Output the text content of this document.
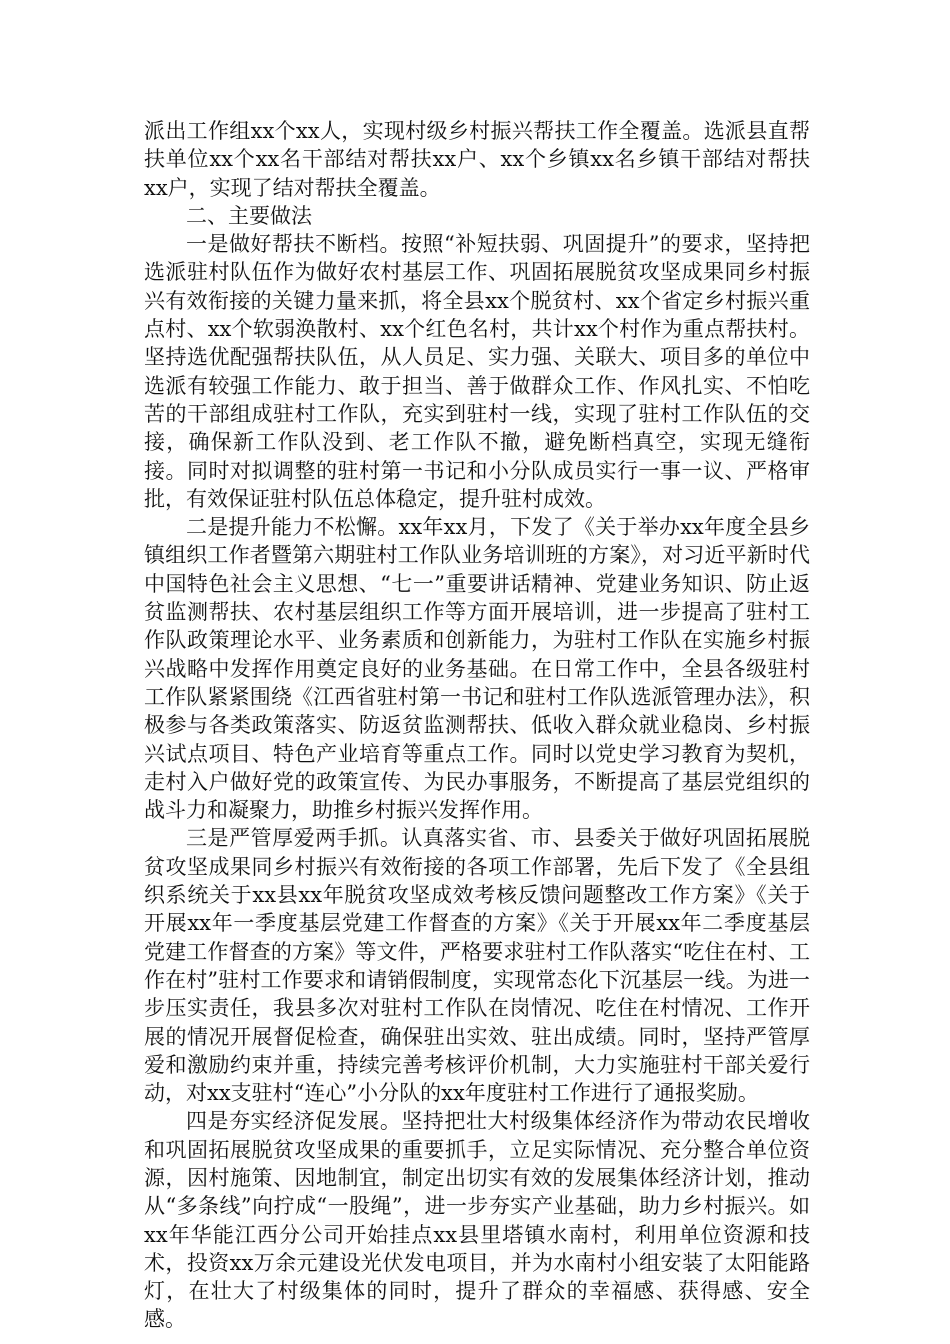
派出工作组xx个xx人，实现村级乡村振兴帮扶工作全覆盖。选派县直帮扶单位xx个xx名干部结对帮扶xx户、xx个乡镇xx名乡镇干部结对帮扶xx户，实现了结对帮扶全覆盖。

二、主要做法

一是做好帮扶不断档。按照“补短扶弱、巩固提升”的要求，坚持把选派驻村队伍作为做好农村基层工作、巩固拓展脱贫攻坚成果同乡村振兴有效衔接的关键力量来抓，将全县xx个脱贫村、xx个省定乡村振兴重点村、xx个软弱涣散村、xx个红色名村，共计xx个村作为重点帮扶村。坚持选优配强帮扶队伍，从人员足、实力强、关联大、项目多的单位中选派有较强工作能力、敢于担当、善于做群众工作、作风扎实、不怕吃苦的干部组成驻村工作队，充实到驻村一线，实现了驻村工作队伍的交接，确保新工作队没到、老工作队不撤，避免断档真空，实现无缝衔接。同时对拟调整的驻村第一书记和小分队成员实行一事一议、严格审批，有效保证驻村队伍总体稳定，提升驻村成效。

二是提升能力不松懈。xx年xx月，下发了《关于举办xx年度全县乡镇组织工作者暨第六期驻村工作队业务培训班的方案》，对习近平新时代中国特色社会主义思想、“七一”重要讲话精神、党建业务知识、防止返贫监测帮扶、农村基层组织工作等方面开展培训，进一步提高了驻村工作队政策理论水平、业务素质和创新能力，为驻村工作队在实施乡村振兴战略中发挥作用奠定良好的业务基础。在日常工作中，全县各级驻村工作队紧紧围绕《江西省驻村第一书记和驻村工作队选派管理办法》，积极参与各类政策落实、防返贫监测帮扶、低收入群众就业稳岗、乡村振兴试点项目、特色产业培育等重点工作。同时以党史学习教育为契机，走村入户做好党的政策宣传、为民办事服务，不断提高了基层党组织的战斗力和凝聚力，助推乡村振兴发挥作用。

三是严管厚爱两手抓。认真落实省、市、县委关于做好巩固拓展脱贫攻坚成果同乡村振兴有效衔接的各项工作部署，先后下发了《全县组织系统关于xx县xx年脱贫攻坚成效考核反馈问题整改工作方案》《关于开展xx年一季度基层党建工作督查的方案》《关于开展xx年二季度基层党建工作督查的方案》等文件，严格要求驻村工作队落实“吃住在村、工作在村”驻村工作要求和请销假制度，实现常态化下沉基层一线。为进一步压实责任，我县多次对驻村工作队在岗情况、吃住在村情况、工作开展的情况开展督促检查，确保驻出实效、驻出成绩。同时，坚持严管厚爱和激励约束并重，持续完善考核评价机制，大力实施驻村干部关爱行动，对xx支驻村“连心”小分队的xx年度驻村工作进行了通报奖励。

四是夯实经济促发展。坚持把壮大村级集体经济作为带动农民增收和巩固拓展脱贫攻坚成果的重要抓手，立足实际情况、充分整合单位资源，因村施策、因地制宜，制定出切实有效的发展集体经济计划，推动从“多条线”向拧成“一股绳”，进一步夯实产业基础，助力乡村振兴。如xx年华能江西分公司开始挂点xx县里塔镇水南村，利用单位资源和技术，投资xx万余元建设光伏发电项目，并为水南村小组安装了太阳能路灯，在壮大了村级集体的同时，提升了群众的幸福感、获得感、安全感。
